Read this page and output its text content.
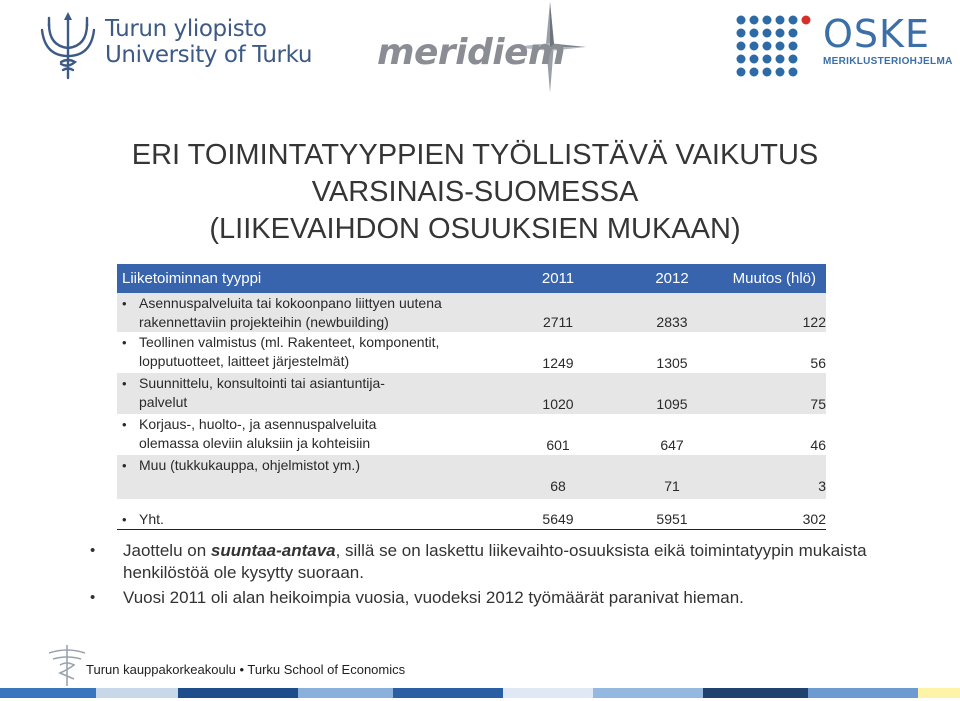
Turun yliopisto
University of Turku meridiem	OSKE
MERIKLUSTERIOHJELMA
ERI TOIMINTATYYPPIEN TYÖLLISTÄVÄ VAIKUTUS
VARSINAIS-SUOMESSA
(LIIKEVAIHDON OSUUKSIEN MUKAAN)
Liiketoiminnan tyyppi	2011	2012	Muutos (hlö)
• Asennuspalveluita tai kokoonpano liittyen uutena
rakennettaviin projekteihin (newbuilding)	2711	2833	122
• Teollinen valmistus (ml. Rakenteet, komponentit,
lopputuotteet, laitteet järjestelmät)	1249	1305	56
• Suunnittelu, konsultointi tai asiantuntija-
palvelut	1020	1095	75
• Korjaus-, huolto-, ja asennuspalveluita
olemassa oleviin aluksiin ja kohteisiin	601	647	46
• Muu (tukkukauppa, ohjelmistot ym.)
68	71	3
• Yht.	5649	5951	302
• Jaottelu on suuntaa-antava, sillä se on laskettu liikevaihto-osuuksista eikä toimintatyypin mukaista henkilöstöä ole kysytty suoraan.
• Vuosi 2011 oli alan heikoimpia vuosia, vuodeksi 2012 työmäärät paranivat hieman.
Turun kauppakorkeakoulu • Turku School of Economics
